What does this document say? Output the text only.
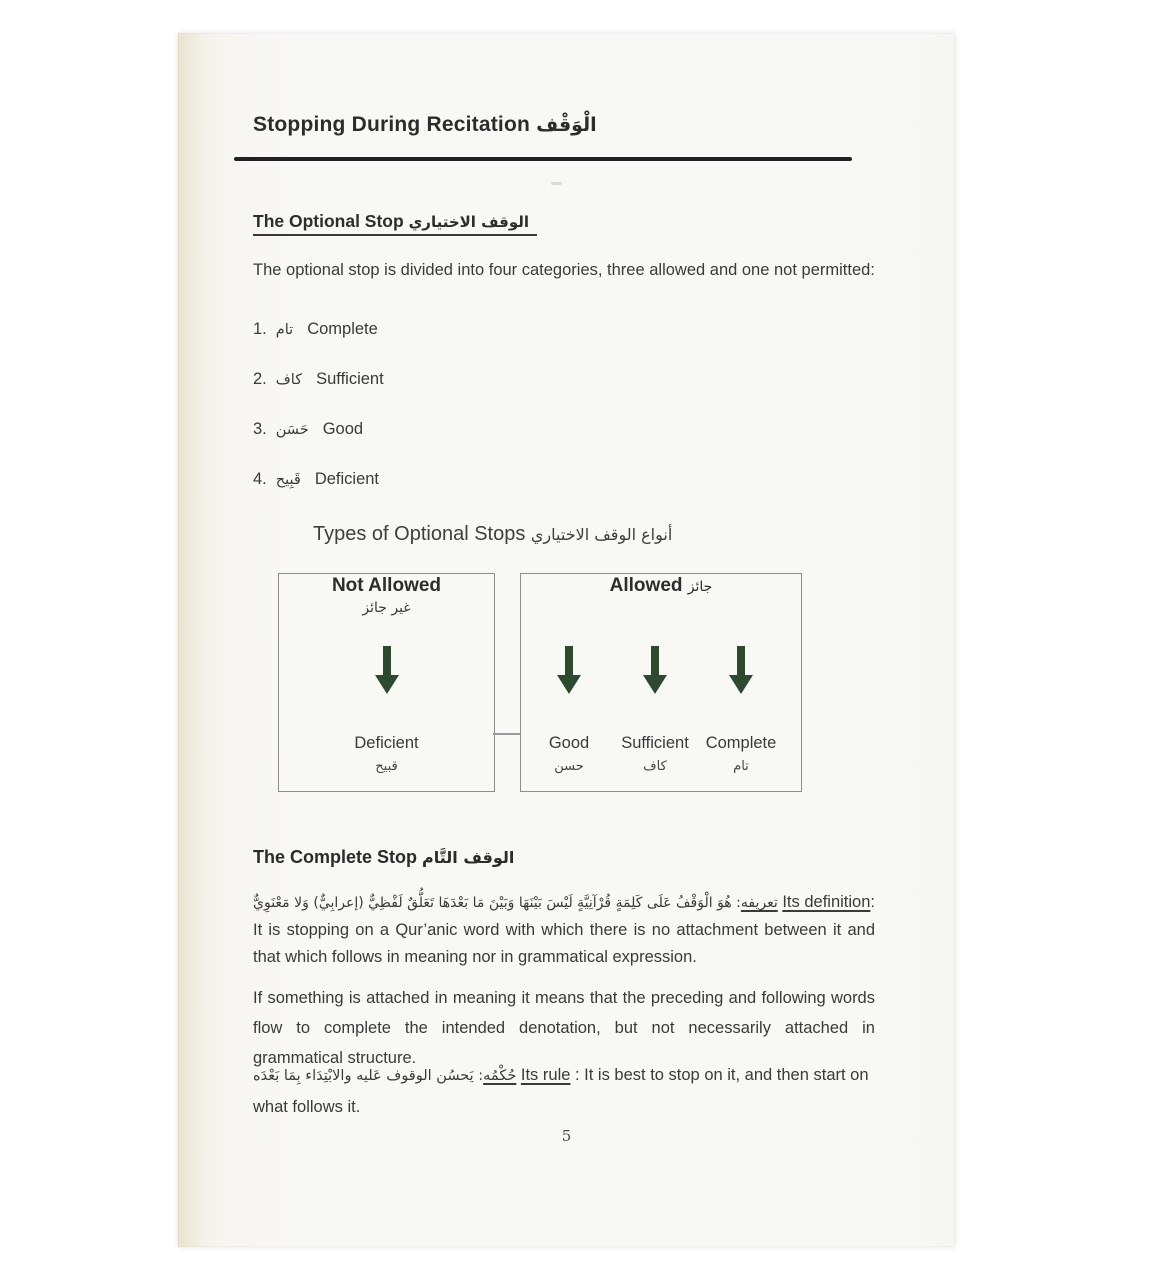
Stopping During Recitation الْوَقْف
The Optional Stop الوقف الاختياري

The optional stop is divided into four categories, three allowed and one not permitted:

1. تام Complete
2. كاف Sufficient
3. حَسَن Good
4. قَبِيح Deficient
Types of Optional Stops أنواع الوقف الاختياري
Not Allowed
غير جائز
Deficient
قبيح
Allowed جائز
Good
حسن
Sufficient
كاف
Complete
تام
The Complete Stop الوقف التَّام

تعريفه: هُوَ الْوَقْفُ عَلَى كَلِمَةٍ قُرْآنِيَّةٍ لَيْسَ بَيْنَهَا وَبَيْنَ مَا بَعْدَهَا تَعَلُّقٌ لَفْظِيٌّ (إعرابِيٌّ) وَلا مَعْنَوِيٌّ	Its definition: It is stopping on a Qur’anic word with which there is no attachment between it and that which follows in meaning nor in grammatical expression.

If something is attached in meaning it means that the preceding and following words flow to complete the intended denotation, but not necessarily attached in grammatical structure.

حُكْمُه: يَحسُن الوقوف عَليه والابْتِدَاء بِمَا بَعْدَه Its rule : It is best to stop on it, and then start on what follows it.

5
